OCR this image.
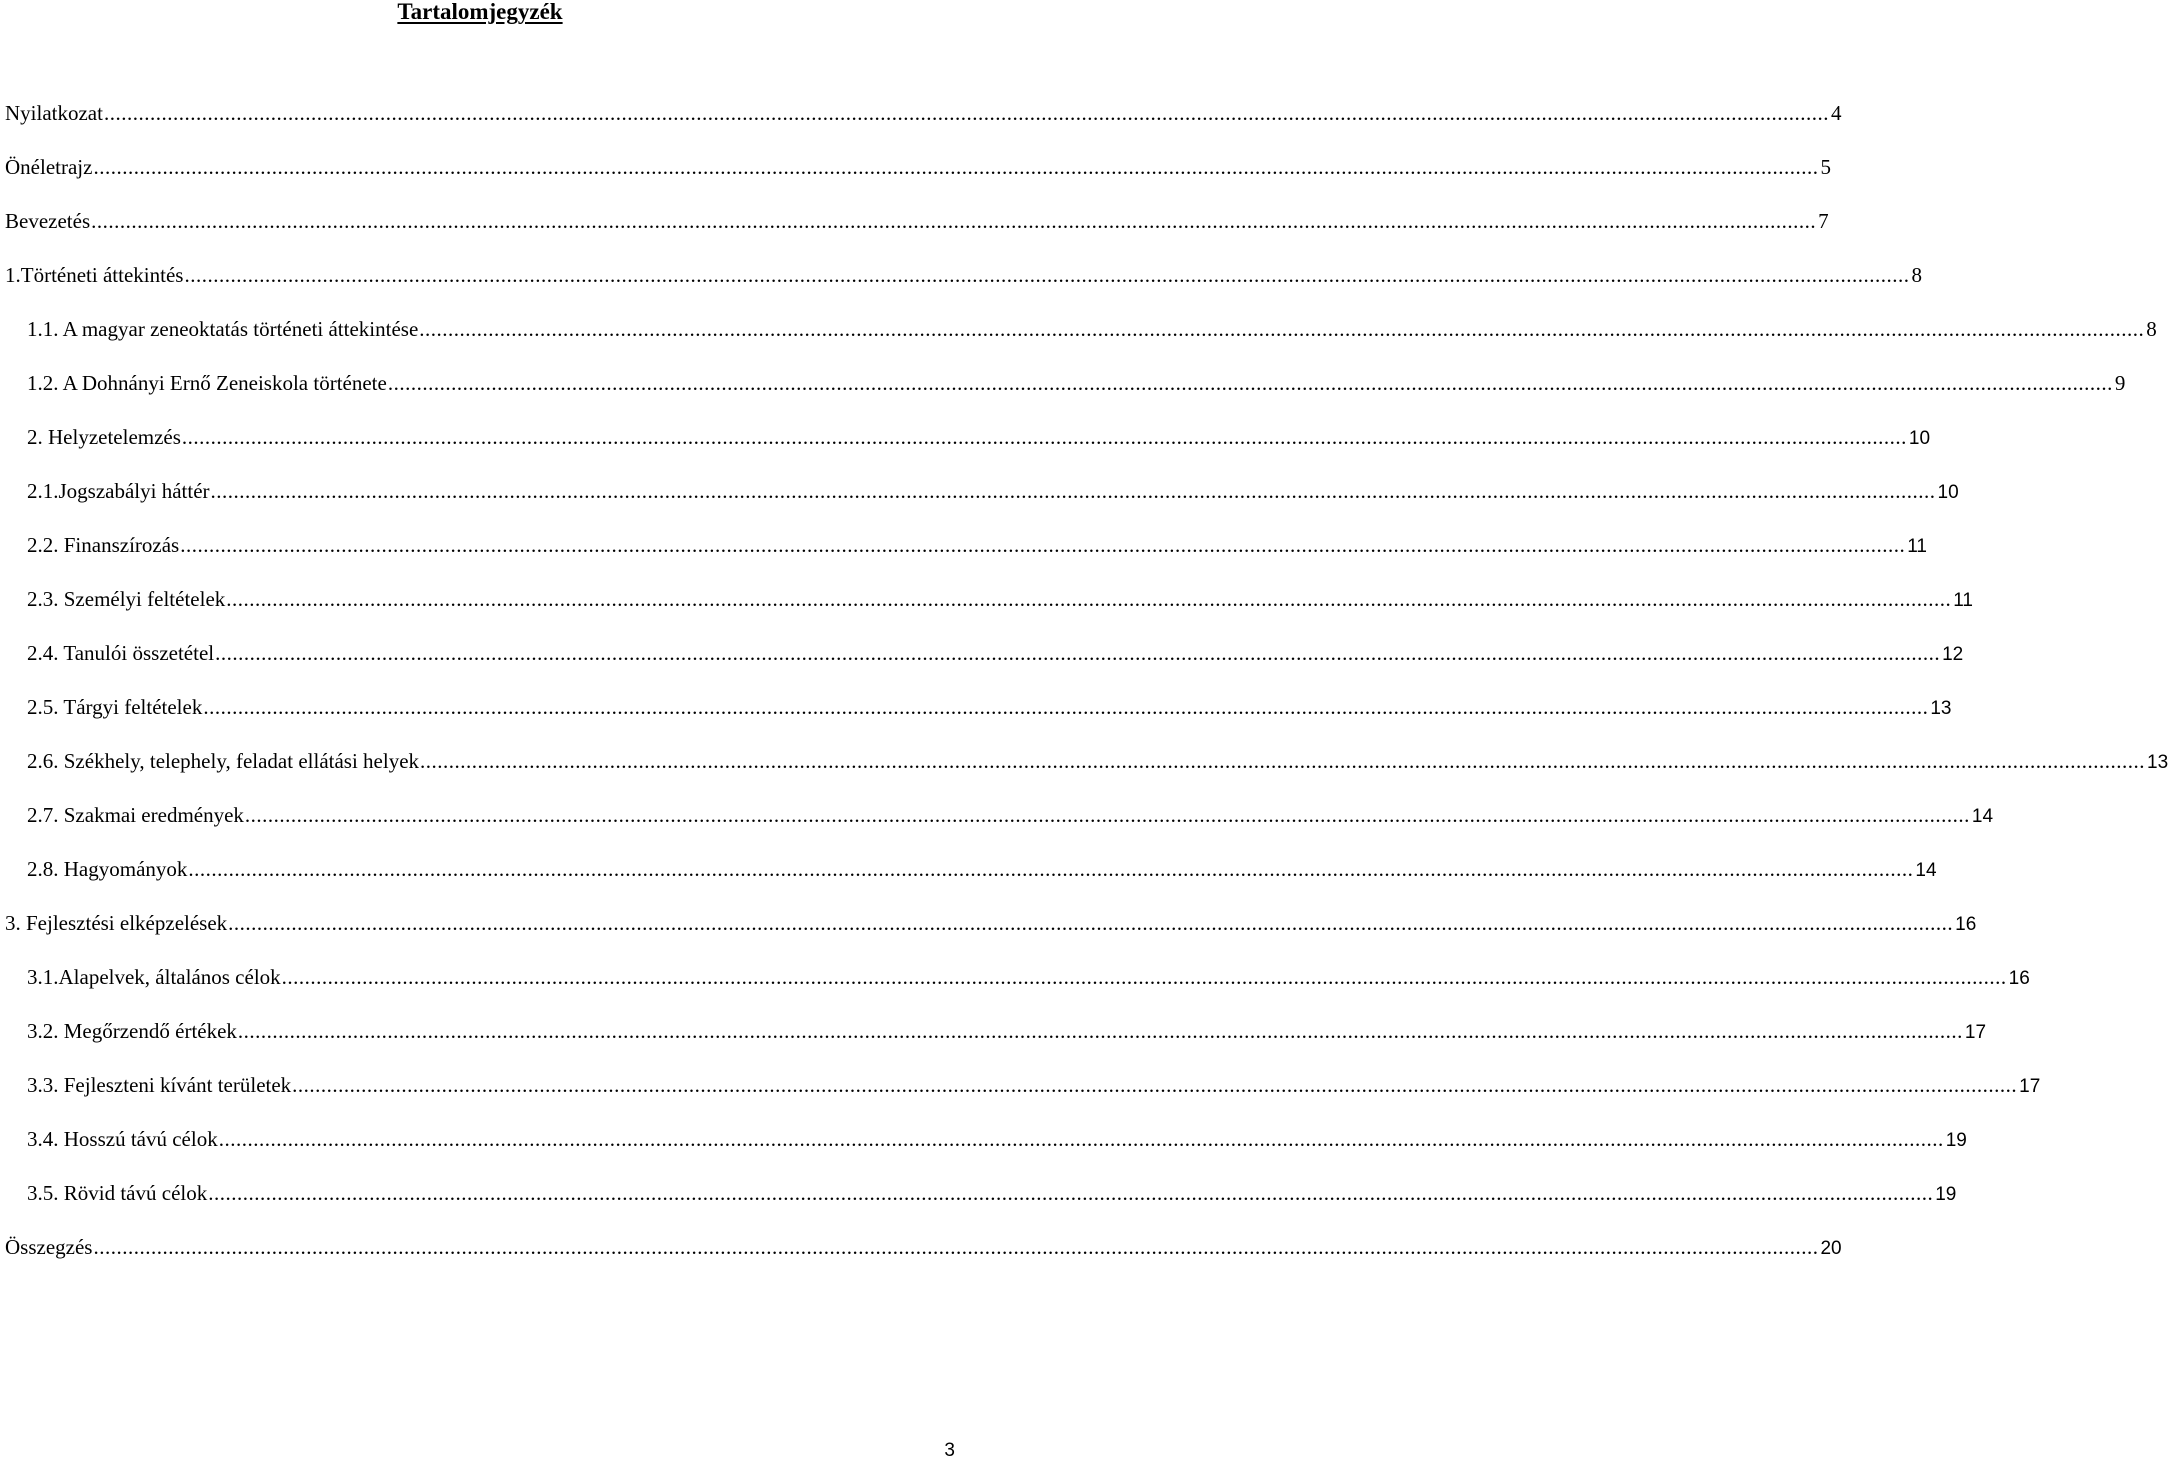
Tartalomjegyzék
Nyilatkozat ............................................................................................................................................................................................................................................................................................................ 4
Önéletrajz ............................................................................................................................................................................................................................................................................................................ 5
Bevezetés ............................................................................................................................................................................................................................................................................................................ 7
1.Történeti áttekintés ............................................................................................................................................................................................................................................................................................................ 8
1.1. A magyar zeneoktatás történeti áttekintése ............................................................................................................................................................................................................................................................................................................ 8
1.2. A Dohnányi Ernő Zeneiskola története ............................................................................................................................................................................................................................................................................................................ 9
2. Helyzetelemzés ............................................................................................................................................................................................................................................................................................................ 10
2.1.Jogszabályi háttér ............................................................................................................................................................................................................................................................................................................ 10
2.2. Finanszírozás ............................................................................................................................................................................................................................................................................................................ 11
2.3. Személyi feltételek ............................................................................................................................................................................................................................................................................................................ 11
2.4. Tanulói összetétel ............................................................................................................................................................................................................................................................................................................ 12
2.5. Tárgyi feltételek ............................................................................................................................................................................................................................................................................................................ 13
2.6. Székhely, telephely, feladat ellátási helyek ............................................................................................................................................................................................................................................................................................................ 13
2.7. Szakmai eredmények ............................................................................................................................................................................................................................................................................................................ 14
2.8. Hagyományok ............................................................................................................................................................................................................................................................................................................ 14
3. Fejlesztési elképzelések ............................................................................................................................................................................................................................................................................................................ 16
3.1.Alapelvek, általános célok ............................................................................................................................................................................................................................................................................................................ 16
3.2. Megőrzendő értékek ............................................................................................................................................................................................................................................................................................................ 17
3.3. Fejleszteni kívánt területek ............................................................................................................................................................................................................................................................................................................ 17
3.4. Hosszú távú célok ............................................................................................................................................................................................................................................................................................................ 19
3.5. Rövid távú célok ............................................................................................................................................................................................................................................................................................................ 19
Összegzés ............................................................................................................................................................................................................................................................................................................ 20
3
